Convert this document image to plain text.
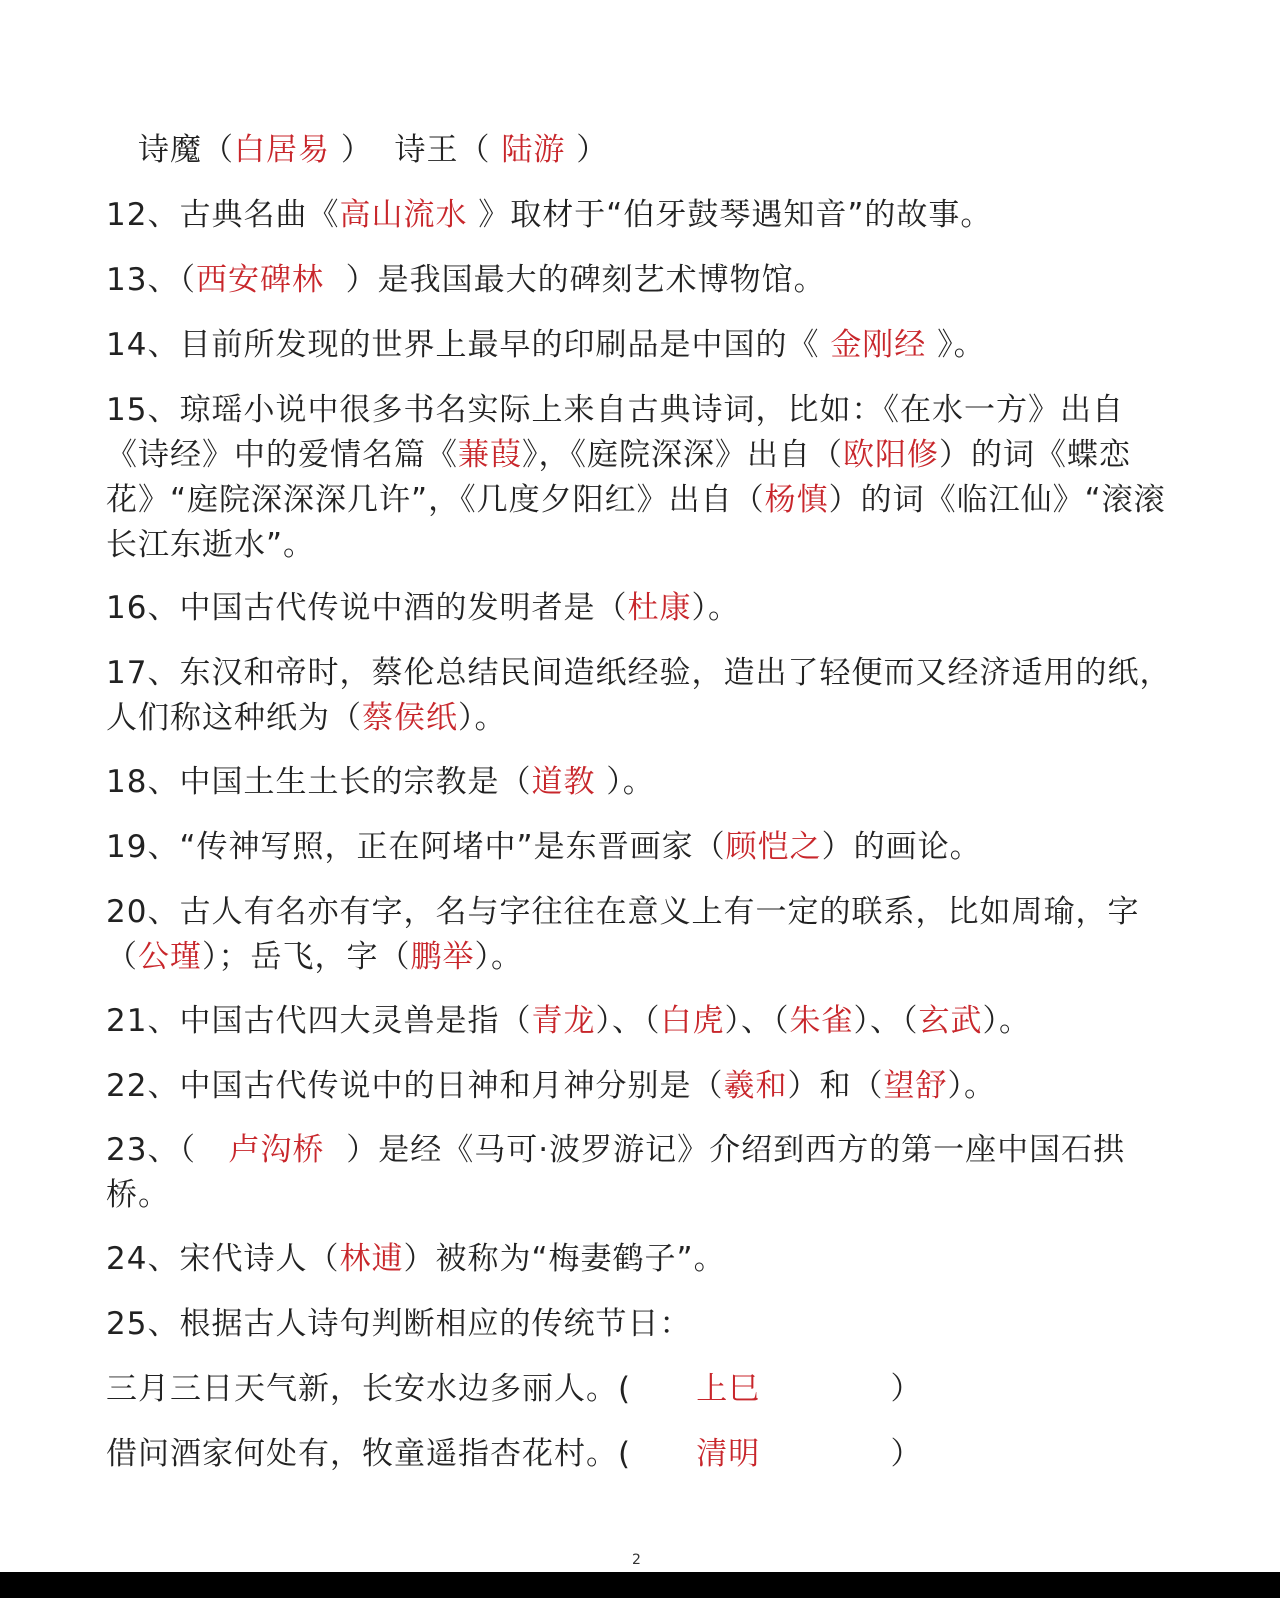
诗魔（白居易 ）  诗王（ 陆游 ）
12、古典名曲《高山流水 》取材于“伯牙鼓琴遇知音”的故事。
13、（西安碑林  ）是我国最大的碑刻艺术博物馆。
14、目前所发现的世界上最早的印刷品是中国的《 金刚经 》。
15、琼瑶小说中很多书名实际上来自古典诗词，比如：《在水一方》出自《诗经》中的爱情名篇《蒹葭》，《庭院深深》出自（欧阳修）的词《蝶恋花》“庭院深深深几许”，《几度夕阳红》出自（杨慎）的词《临江仙》“滚滚长江东逝水”。
16、中国古代传说中酒的发明者是（杜康）。
17、东汉和帝时，蔡伦总结民间造纸经验，造出了轻便而又经济适用的纸，人们称这种纸为（蔡侯纸）。
18、中国土生土长的宗教是（道教 ）。
19、“传神写照，正在阿堵中”是东晋画家（顾恺之）的画论。
20、古人有名亦有字，名与字往往在意义上有一定的联系，比如周瑜，字（公瑾）；岳飞，字（鹏举）。
21、中国古代四大灵兽是指（青龙）、（白虎）、（朱雀）、（玄武）。
22、中国古代传说中的日神和月神分别是（羲和）和（望舒）。
23、（   卢沟桥  ）是经《马可·波罗游记》介绍到西方的第一座中国石拱桥。
24、宋代诗人（林逋）被称为“梅妻鹤子”。
25、根据古人诗句判断相应的传统节日：
三月三日天气新，长安水边多丽人。(      上巳            ）
借问酒家何处有，牧童遥指杏花村。(      清明            ）
2
